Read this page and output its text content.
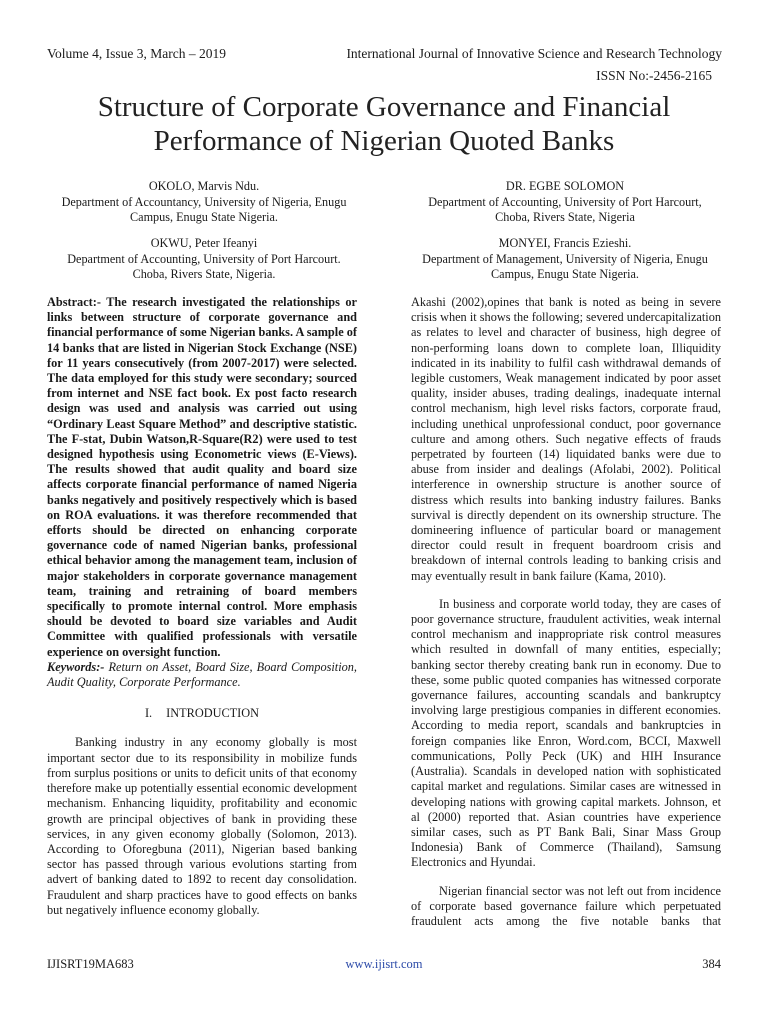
Volume 4, Issue 3, March – 2019	International Journal of Innovative Science and Research Technology
ISSN No:-2456-2165
Structure of Corporate Governance and Financial
Performance of Nigerian Quoted Banks
OKOLO, Marvis Ndu.
Department of Accountancy, University of Nigeria, Enugu
Campus, Enugu State Nigeria.
DR. EGBE SOLOMON
Department of Accounting, University of Port Harcourt,
Choba, Rivers State, Nigeria
OKWU, Peter Ifeanyi
Department of Accounting, University of Port Harcourt.
Choba, Rivers State, Nigeria.
MONYEI, Francis Ezieshi.
Department of Management, University of Nigeria, Enugu
Campus, Enugu State Nigeria.

Abstract:- The research investigated the relationships or links between structure of corporate governance and financial performance of some Nigerian banks. A sample of 14 banks that are listed in Nigerian Stock Exchange (NSE) for 11 years consecutively (from 2007-2017) were selected. The data employed for this study were secondary; sourced from internet and NSE fact book. Ex post facto research design was used and analysis was carried out using “Ordinary Least Square Method” and descriptive statistic. The F-stat, Dubin Watson,R-Square(R2) were used to test designed hypothesis using Econometric views (E-Views). The results showed that audit quality and board size affects corporate financial performance of named Nigeria banks negatively and positively respectively which is based on ROA evaluations. it was therefore recommended that efforts should be directed on enhancing corporate governance code of named Nigerian banks, professional ethical behavior among the management team, inclusion of major stakeholders in corporate governance management team, training and retraining of board members specifically to promote internal control. More emphasis should be devoted to board size variables and Audit Committee with qualified professionals with versatile experience on oversight function.

Keywords:- Return on Asset, Board Size, Board Composition, Audit Quality, Corporate Performance.

I. INTRODUCTION

Banking industry in any economy globally is most important sector due to its responsibility in mobilize funds from surplus positions or units to deficit units of that economy therefore make up potentially essential economic development mechanism. Enhancing liquidity, profitability and economic growth are principal objectives of bank in providing these services, in any given economy globally (Solomon, 2013). According to Oforegbuna (2011), Nigerian based banking sector has passed through various evolutions starting from advert of banking dated to 1892 to recent day consolidation. Fraudulent and sharp practices have to good effects on banks but negatively influence economy globally.

Akashi (2002),opines that bank is noted as being in severe crisis when it shows the following; severed undercapitalization as relates to level and character of business, high degree of non-performing loans down to complete loan, Illiquidity indicated in its inability to fulfil cash withdrawal demands of legible customers, Weak management indicated by poor asset quality, insider abuses, trading dealings, inadequate internal control mechanism, high level risks factors, corporate fraud, including unethical unprofessional conduct, poor governance culture and among others. Such negative effects of frauds perpetrated by fourteen (14) liquidated banks were due to abuse from insider and dealings (Afolabi, 2002). Political interference in ownership structure is another source of distress which results into banking industry failures. Banks survival is directly dependent on its ownership structure. The domineering influence of particular board or management director could result in frequent boardroom crisis and breakdown of internal controls leading to banking crisis and may eventually result in bank failure (Kama, 2010).

In business and corporate world today, they are cases of poor governance structure, fraudulent activities, weak internal control mechanism and inappropriate risk control measures which resulted in downfall of many entities, especially; banking sector thereby creating bank run in economy. Due to these, some public quoted companies has witnessed corporate governance failures, accounting scandals and bankruptcy involving large prestigious companies in different economies. According to media report, scandals and bankruptcies in foreign companies like Enron, Word.com, BCCI, Maxwell communications, Polly Peck (UK) and HIH Insurance (Australia). Scandals in developed nation with sophisticated capital market and regulations. Similar cases are witnessed in developing nations with growing capital markets. Johnson, et al (2000) reported that. Asian countries have experience similar cases, such as PT Bank Bali, Sinar Mass Group Indonesia) Bank of Commerce (Thailand), Samsung Electronics and Hyundai.

Nigerian financial sector was not left out from incidence of corporate based governance failure which perpetuated fraudulent acts among the five notable banks that

IJISRT19MA683	www.ijisrt.com	384
